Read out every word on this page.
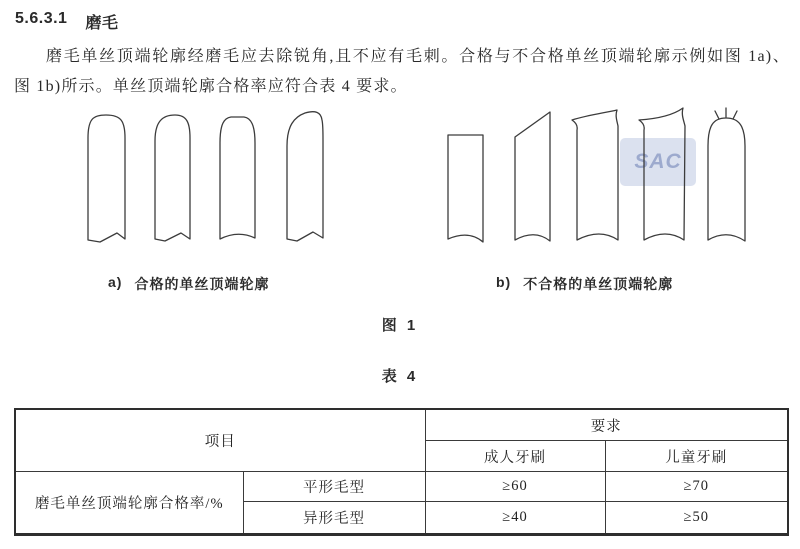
5.6.3.1 磨毛
磨毛单丝顶端轮廓经磨毛应去除锐角,且不应有毛刺。合格与不合格单丝顶端轮廓示例如图 1a)、
图 1b)所示。单丝顶端轮廓合格率应符合表 4 要求。
SAC
a) 合格的单丝顶端轮廓	b) 不合格的单丝顶端轮廓
图 1
表 4
项目		要求	
		成人牙刷	儿童牙刷
磨毛单丝顶端轮廓合格率/%	平形毛型	≥60	≥70
	异形毛型	≥40	≥50
